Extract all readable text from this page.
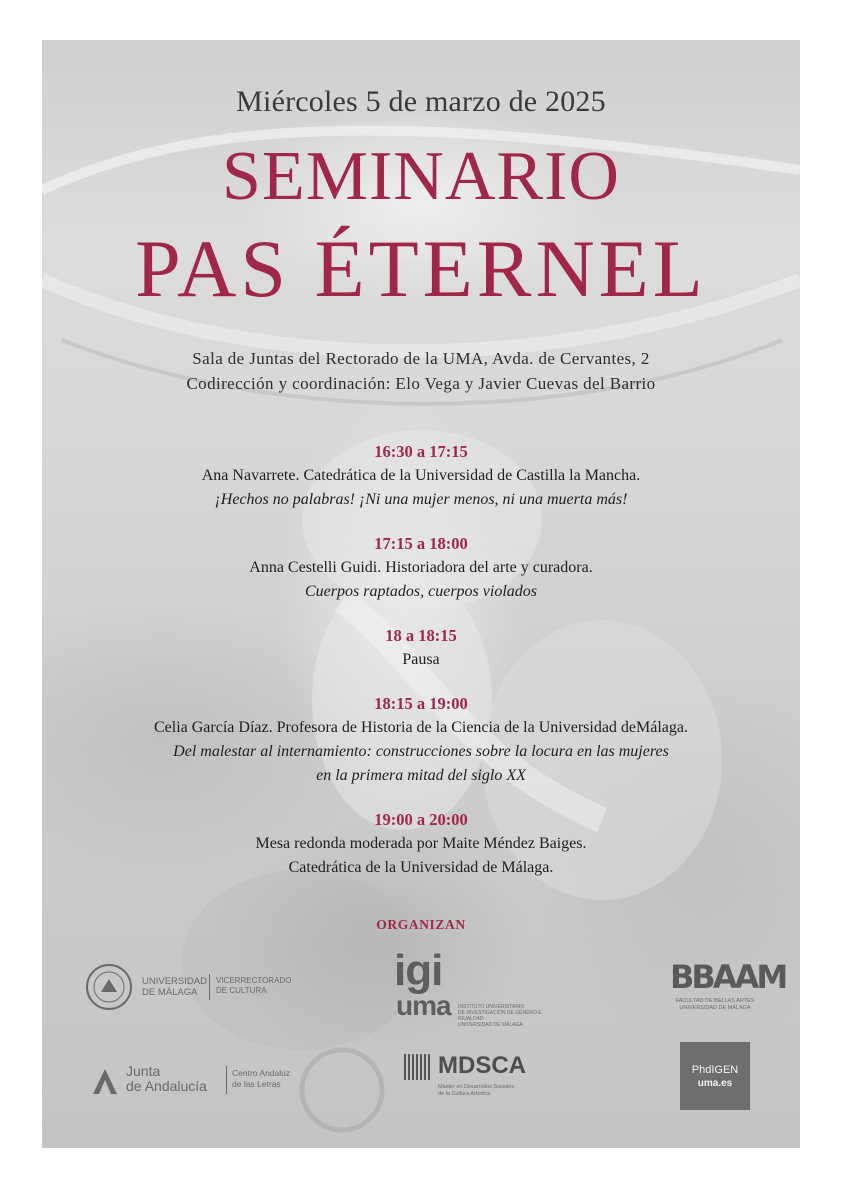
Miércoles 5 de marzo de 2025
SEMINARIO
PAS ÉTERNEL
Sala de Juntas del Rectorado de la UMA, Avda. de Cervantes, 2
Codirección y coordinación: Elo Vega y Javier Cuevas del Barrio
16:30 a 17:15
Ana Navarrete. Catedrática de la Universidad de Castilla la Mancha.
¡Hechos no palabras! ¡Ni una mujer menos, ni una muerta más!
17:15 a 18:00
Anna Cestelli Guidi. Historiadora del arte y curadora.
Cuerpos raptados, cuerpos violados
18 a 18:15
Pausa
18:15 a 19:00
Celia García Díaz. Profesora de Historia de la Ciencia de la Universidad deMálaga.
Del malestar al internamiento: construcciones sobre la locura en las mujeres
en la primera mitad del siglo XX
19:00 a 20:00
Mesa redonda moderada por Maite Méndez Baiges.
Catedrática de la Universidad de Málaga.
ORGANIZAN
UNIVERSIDAD
DE MÁLAGA
VICERRECTORADO
DE CULTURA	igi
uma INSTITUTO UNIVERSITARIO
DE INVESTIGACIÓN DE GÉNERO E IGUALDAD
UNIVERSIDAD DE MÁLAGA
BBAAM
FACULTAD DE BELLAS ARTES
UNIVERSIDAD DE MÁLAGA
Junta
de Andalucía
Centro Andaluz
de las Letras
MDSCA
Máster en Desarrollos Sociales
de la Cultura Artística
PhdIGEN
uma.es
